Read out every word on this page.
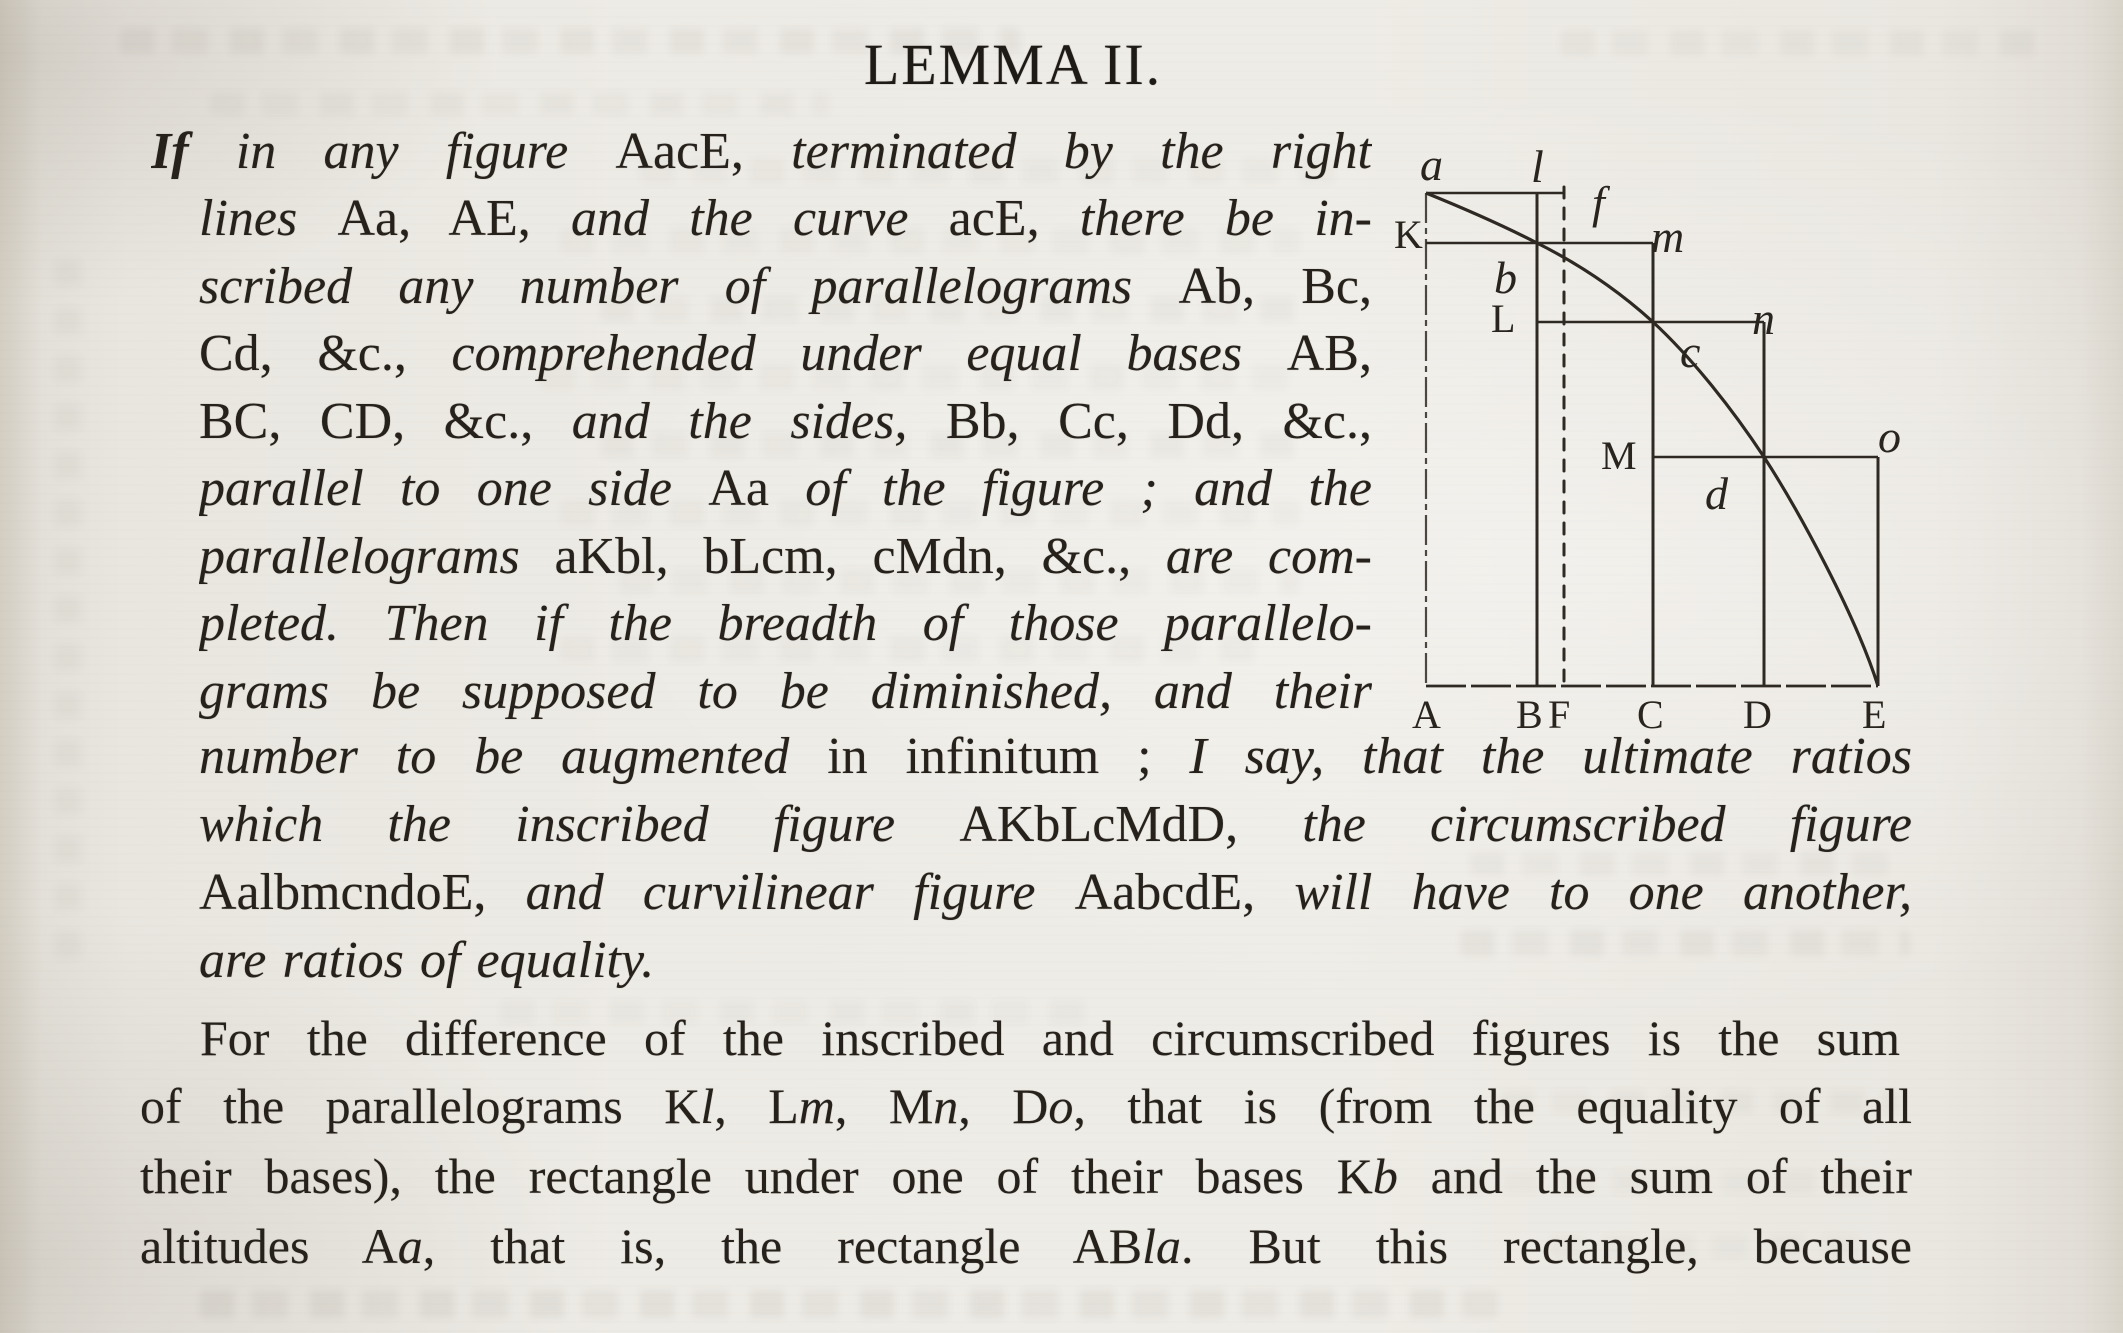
LEMMA II.
If in any figure AacE, terminated by the right
lines Aa, AE, and the curve acE, there be in-
scribed any number of parallelograms Ab, Bc,
Cd, &c., comprehended under equal bases AB,
BC, CD, &c., and the sides, Bb, Cc, Dd, &c.,
parallel to one side Aa of the figure ; and the
parallelograms aKbl, bLcm, cMdn, &c., are com-
pleted. Then if the breadth of those parallelo-
grams be supposed to be diminished, and their
number to be augmented in infinitum ; I say, that the ultimate ratios
which the inscribed figure AKbLcMdD, the circumscribed figure
AalbmcndoE, and curvilinear figure AabcdE, will have to one another,
are ratios of equality.
For the difference of the inscribed and circumscribed figures is the sum
of the parallelograms Kl, Lm, Mn, Do, that is (from the equality of all
their bases), the rectangle under one of their bases Kb and the sum of their
altitudes Aa, that is, the rectangle ABla. But this rectangle, because
a l
f
m
K
b
L
c
n
M
d
o
A B F C D E
